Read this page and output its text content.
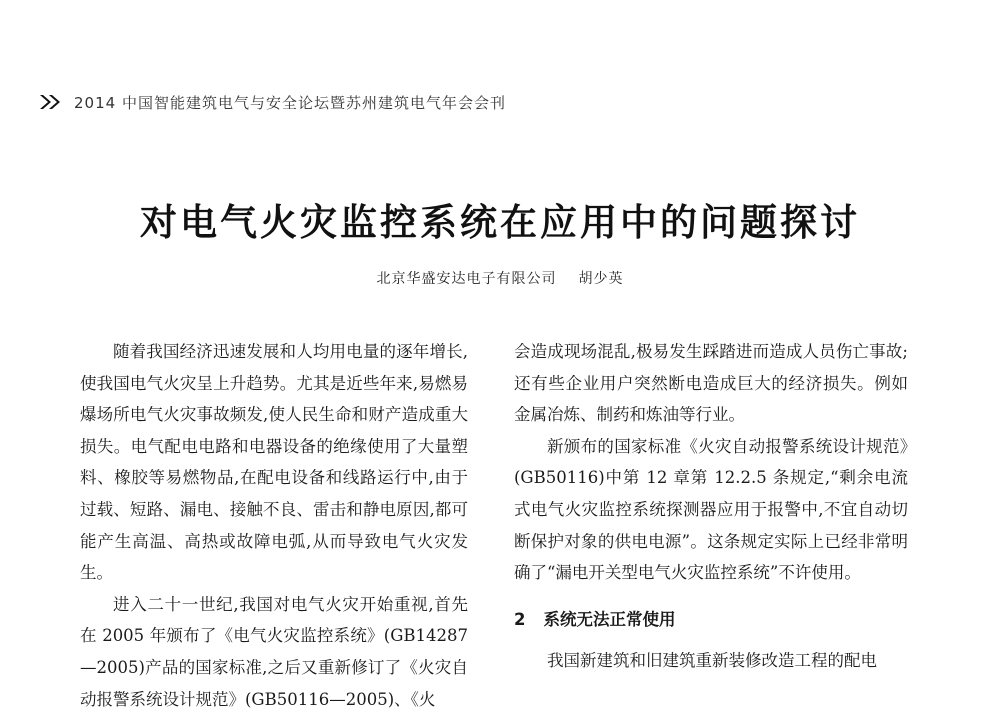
2014 中国智能建筑电气与安全论坛暨苏州建筑电气年会会刊
对电气火灾监控系统在应用中的问题探讨
北京华盛安达电子有限公司 胡少英

随着我国经济迅速发展和人均用电量的逐年增长,使我国电气火灾呈上升趋势。尤其是近些年来,易燃易爆场所电气火灾事故频发,使人民生命和财产造成重大损失。电气配电电路和电器设备的绝缘使用了大量塑料、橡胶等易燃物品,在配电设备和线路运行中,由于过载、短路、漏电、接触不良、雷击和静电原因,都可能产生高温、高热或故障电弧,从而导致电气火灾发生。

进入二十一世纪,我国对电气火灾开始重视,首先在 2005 年颁布了《电气火灾监控系统》(GB14287—2005)产品的国家标准,之后又重新修订了《火灾自动报警系统设计规范》(GB50116—2005)、《火

会造成现场混乱,极易发生踩踏进而造成人员伤亡事故;还有些企业用户突然断电造成巨大的经济损失。例如金属冶炼、制药和炼油等行业。

新颁布的国家标准《火灾自动报警系统设计规范》(GB50116)中第 12 章第 12.2.5 条规定,“剩余电流式电气火灾监控系统探测器应用于报警中,不宜自动切断保护对象的供电电源”。这条规定实际上已经非常明确了“漏电开关型电气火灾监控系统”不许使用。

2 系统无法正常使用

我国新建筑和旧建筑重新装修改造工程的配电
